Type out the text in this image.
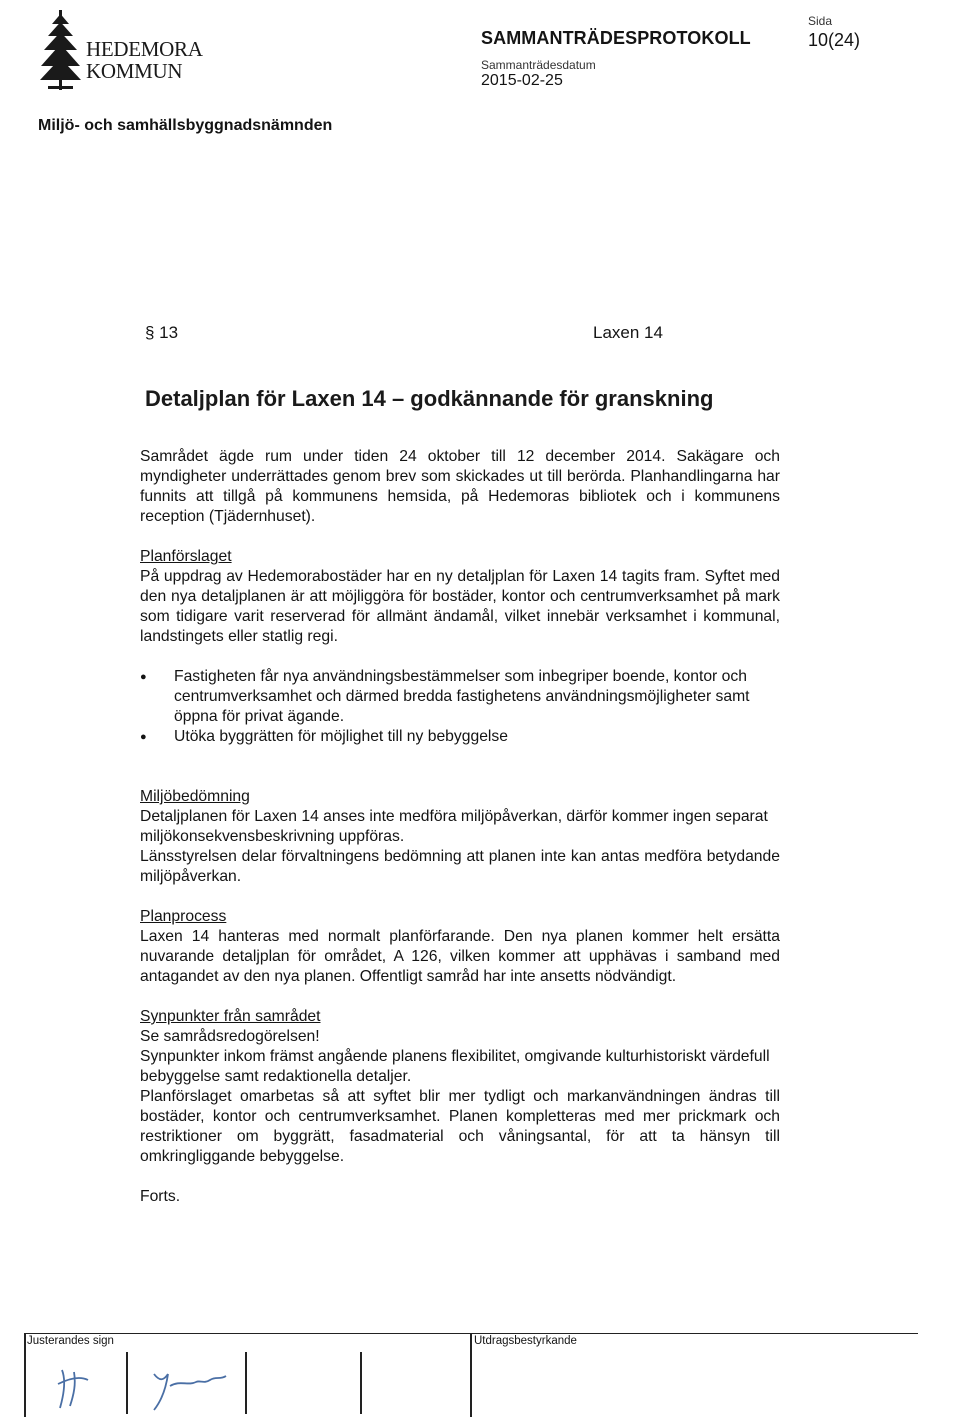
HEDEMORA
KOMMUN
SAMMANTRÄDESPROTOKOLL
Sammanträdesdatum
2015-02-25
Sida
10(24)
Miljö- och samhällsbyggnadsnämnden
§ 13	Laxen 14
Detaljplan för Laxen 14 – godkännande för granskning

Samrådet ägde rum under tiden 24 oktober till 12 december 2014. Sakägare och myndigheter underrättades genom brev som skickades ut till berörda. Planhandlingarna har funnits att tillgå på kommunens hemsida, på Hedemoras bibliotek och i kommunens reception (Tjädernhuset).

Planförslaget

På uppdrag av Hedemorabostäder har en ny detaljplan för Laxen 14 tagits fram. Syftet med den nya detaljplanen är att möjliggöra för bostäder, kontor och centrumverksamhet på mark som tidigare varit reserverad för allmänt ändamål, vilket innebär verksamhet i kommunal, landstingets eller statlig regi.

● Fastigheten får nya användningsbestämmelser som inbegriper boende, kontor och centrumverksamhet och därmed bredda fastighetens användningsmöjligheter samt öppna för privat ägande.
● Utöka byggrätten för möjlighet till ny bebyggelse

Miljöbedömning

Detaljplanen för Laxen 14 anses inte medföra miljöpåverkan, därför kommer ingen separat miljökonsekvensbeskrivning uppföras.

Länsstyrelsen delar förvaltningens bedömning att planen inte kan antas medföra betydande miljöpåverkan.

Planprocess

Laxen 14 hanteras med normalt planförfarande. Den nya planen kommer helt ersätta nuvarande detaljplan för området, A 126, vilken kommer att upphävas i samband med antagandet av den nya planen. Offentligt samråd har inte ansetts nödvändigt.

Synpunkter från samrådet

Se samrådsredogörelsen!

Synpunkter inkom främst angående planens flexibilitet, omgivande kulturhistoriskt värdefull bebyggelse samt redaktionella detaljer.

Planförslaget omarbetas så att syftet blir mer tydligt och markanvändningen ändras till bostäder, kontor och centrumverksamhet. Planen kompletteras med mer prickmark och restriktioner om byggrätt, fasadmaterial och våningsantal, för att ta hänsyn till omkringliggande bebyggelse.

Forts.

Justerandes sign	Utdragsbestyrkande
